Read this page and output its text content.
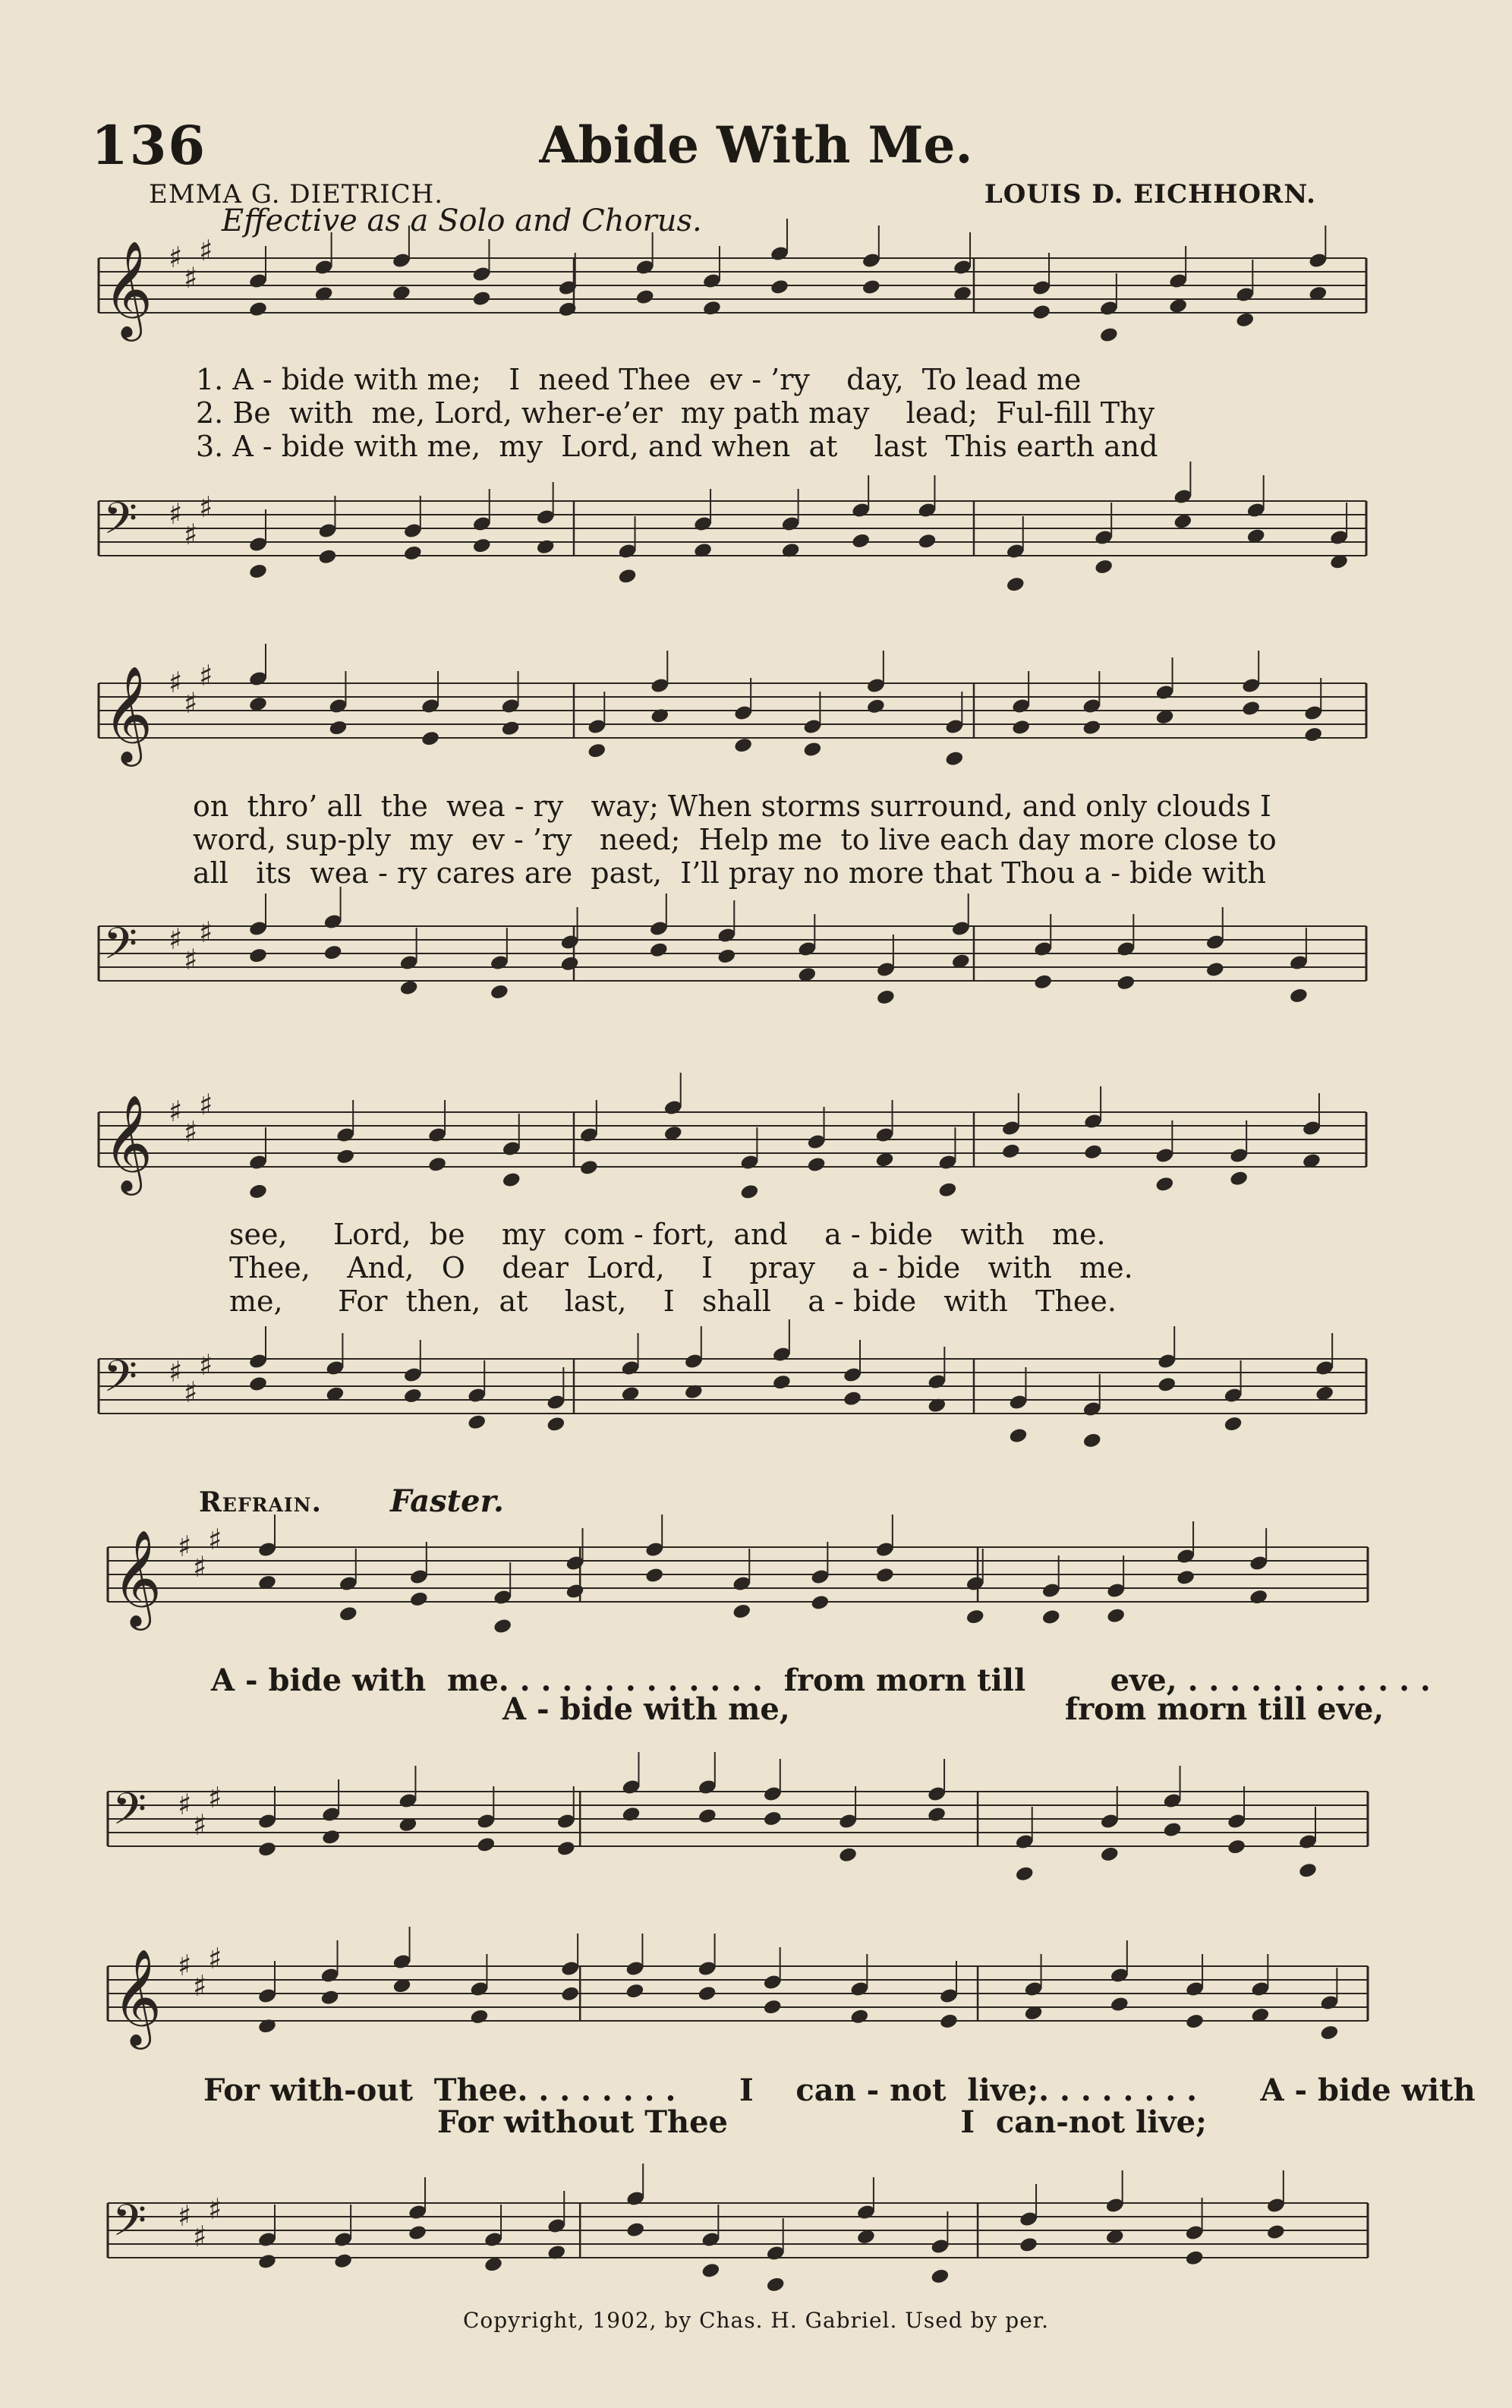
136	Abide With Me.
EMMA G. DIETRICH.	LOUIS D. EICHHORN.
Effective as a Solo and Chorus.
𝄞 ♯
♯
♯
1. A - bide with me;   I  need Thee  ev - ’ry    day,  To lead me
2. Be  with  me, Lord, wher-e’er  my path may    lead;  Ful-fill Thy
3. A - bide with me,  my  Lord, and when  at    last  This earth and
𝄢 ♯
♯
♯
𝄞 ♯
♯
♯
on  thro’ all  the  wea - ry   way; When storms surround, and only clouds I
word, sup-ply  my  ev - ’ry   need;  Help me  to live each day more close to
all   its  wea - ry cares are  past,  I’ll pray no more that Thou a - bide with
𝄢 ♯
♯
♯
𝄞 ♯
♯
♯
see,     Lord,  be    my  com - fort,  and    a - bide   with   me.
Thee,    And,   O    dear  Lord,    I    pray    a - bide   with   me.
me,      For  then,  at    last,    I   shall    a - bide   with   Thee.
𝄢 ♯
♯
♯
Refrain. Faster.
𝄞 ♯
♯
♯
A - bide with  me. . . . . . . . . . . . .  from morn till        eve, . . . . . . . . . . . .
A - bide with me,                          from morn till eve,
𝄢 ♯
♯
♯
𝄞 ♯
♯
♯
For with-out  Thee. . . . . . . .      I    can - not  live;. . . . . . . .      A - bide with
For without Thee                      I  can-not live;
𝄢 ♯
♯
♯
Copyright, 1902, by Chas. H. Gabriel. Used by per.
